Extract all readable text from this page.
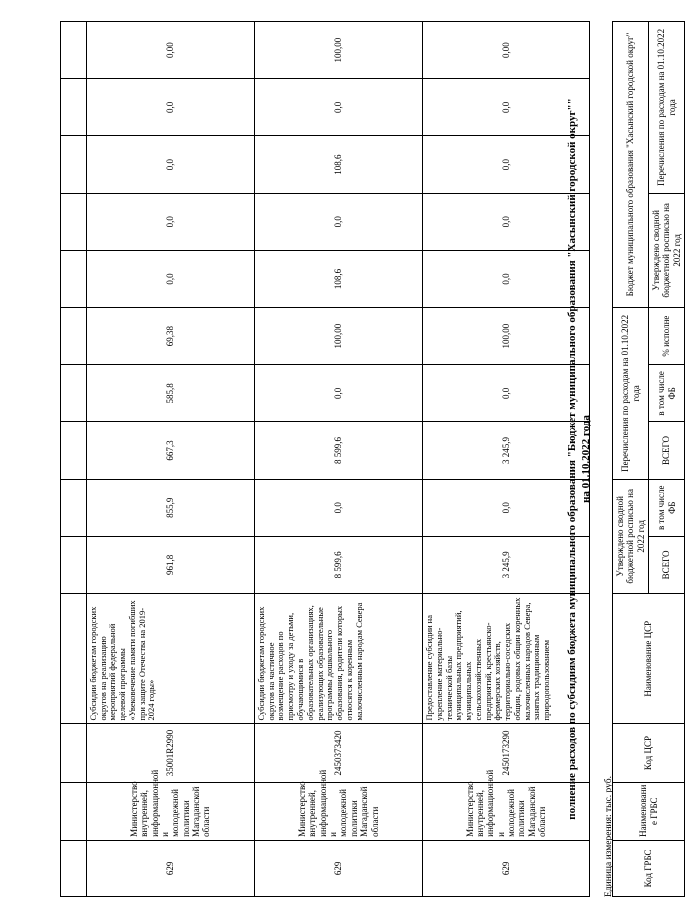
629	Министерство внутренней, информационной и молодежной политики Магаданской области	35001R2990	Субсидии бюджетам городских округов на реализацию мероприятий федеральной целевой программы «Увековечение памяти погибших при защите Отечества на 2019-2024 годы»	961,8	855,9	667,3	585,8	69,38	0,0	0,0	0,0	0,0	0,00
629	Министерство внутренней, информационной и молодежной политики Магаданской области	2450373420	Субсидии бюджетам городских округов на частичное возмещение расходов по присмотру и уходу за детьми, обучающимися в образовательных организациях, реализующих образовательные программы дошкольного образования, родители которых относятся к коренным малочисленным народам Севера	8 599,6	0,0	8 599,6	0,0	100,00	108,6	0,0	108,6	0,0	100,00
629	Министерство внутренней, информационной и молодежной политики Магаданской области	2450173290	Предоставление субсидии на укрепление материально-технической базы муниципальных предприятий, муниципальных сельскохозяйственных предприятий, крестьянско-фермерских хозяйств, территориально-соседских общин, родовых общин коренных малочисленных народов Севера, занятых традиционным природопользованием	3 245,9	0,0	3 245,9	0,0	100,00	0,0	0,0	0,0	0,0	0,00
полнение расходов по субсидиям бюджета муниципального образования "Бюджет муниципального образования "Хасынский городской округ"" на 01.10.2022 года
Единица измерения: тыс. руб.	Код ГРБС	Наименовани е ГРБС	Код ЦСР	Наименование ЦСР	Утверждено сводной бюджетной росписью на 2022 год		Перечисления по расходам на 01.10.2022 года			Бюджет муниципального образования "Хасынский городской округ"	
				ВСЕГО	в том числе ФБ	ВСЕГО	в том числе ФБ	% исполне	Утверждено сводной бюджетной росписью на 2022 год	Перечисления по расходам на 01.10.2022 года
